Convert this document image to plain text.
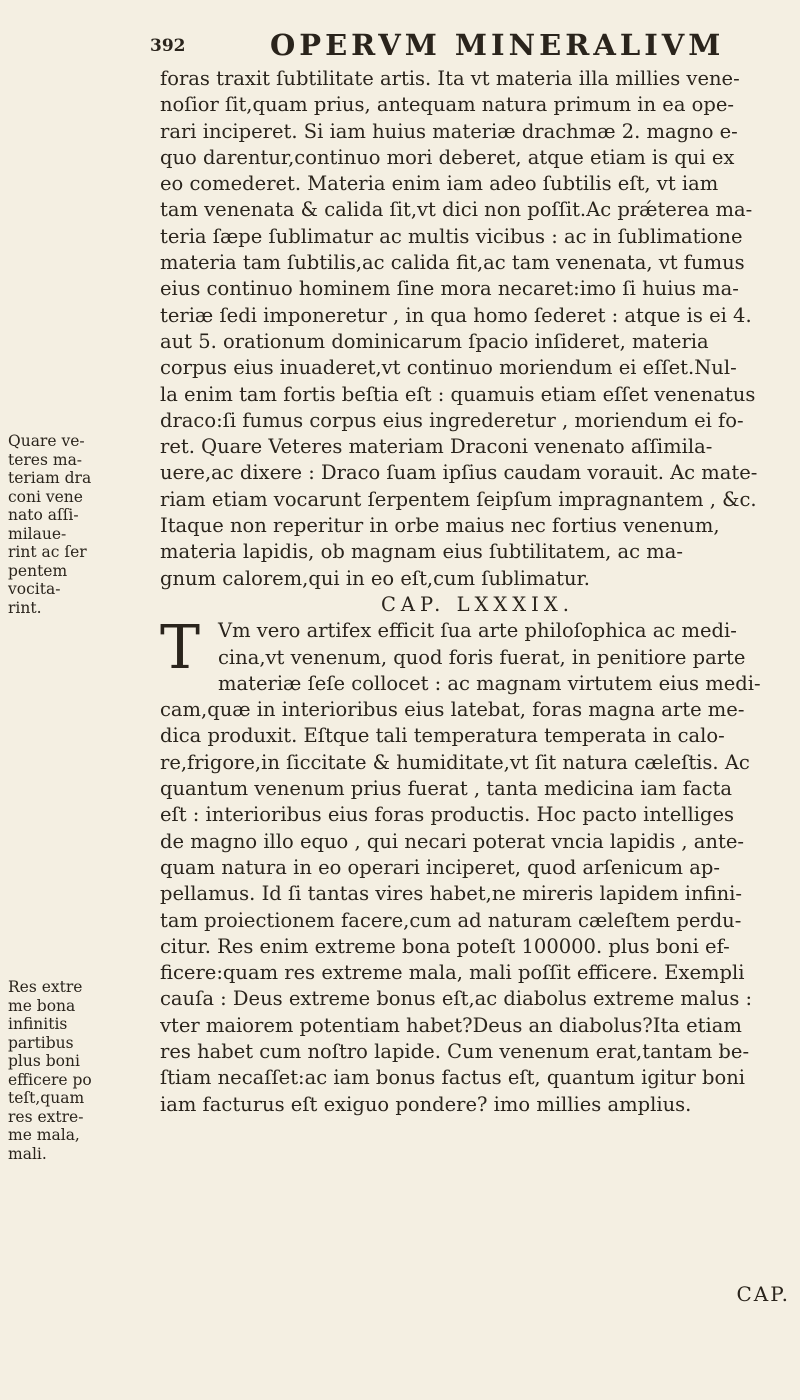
392	OPERVM MINERALIVM
foras traxit ſubtilitate artis. Ita vt materia illa millies vene-
noſior ſit,quam prius, antequam natura primum in ea ope-
rari inciperet. Si iam huius materiæ drachmæ 2. magno e-
quo darentur,continuo mori deberet, atque etiam is qui ex
eo comederet. Materia enim iam adeo ſubtilis eſt, vt iam
tam venenata & calida ſit,vt dici non poſſit.Ac prǽterea ma-
teria ſæpe ſublimatur ac multis vicibus : ac in ſublimatione
materia tam ſubtilis,ac calida fit,ac tam venenata, vt fumus
eius continuo hominem ſine mora necaret:imo ſi huius ma-
teriæ ſedi imponeretur , in qua homo ſederet : atque is ei 4.
aut 5. orationum dominicarum ſpacio inſideret, materia
corpus eius inuaderet,vt continuo moriendum ei eſſet.Nul-
la enim tam fortis beſtia eſt : quamuis etiam eſſet venenatus
draco:ſi fumus corpus eius ingrederetur , moriendum ei fo-
ret. Quare Veteres materiam Draconi venenato aſſimila-
uere,ac dixere : Draco ſuam ipſius caudam vorauit. Ac mate-
riam etiam vocarunt ſerpentem ſeipſum impragnantem , &c.
Itaque non reperitur in orbe maius nec fortius venenum,
materia lapidis, ob magnam eius ſubtilitatem, ac ma-
gnum calorem,qui in eo eſt,cum ſublimatur.
CAP. LXXXIX.
T Vm vero artifex efficit ſua arte philoſophica ac medi-
cina,vt venenum, quod foris fuerat, in penitiore parte
materiæ ſeſe collocet : ac magnam virtutem eius medi-
cam,quæ in interioribus eius latebat, foras magna arte me-
dica produxit. Eſtque tali temperatura temperata in calo-
re,frigore,in ſiccitate & humiditate,vt ſit natura cæleſtis. Ac
quantum venenum prius fuerat , tanta medicina iam facta
eſt : interioribus eius foras productis. Hoc pacto intelliges
de magno illo equo , qui necari poterat vncia lapidis , ante-
quam natura in eo operari inciperet, quod arſenicum ap-
pellamus. Id ſi tantas vires habet,ne mireris lapidem infini-
tam proiectionem facere,cum ad naturam cæleſtem perdu-
citur. Res enim extreme bona poteſt 100000. plus boni ef-
ficere:quam res extreme mala, mali poſſit efficere. Exempli
cauſa : Deus extreme bonus eſt,ac diabolus extreme malus :
vter maiorem potentiam habet?Deus an diabolus?Ita etiam
res habet cum noſtro lapide. Cum venenum erat,tantam be-
ſtiam necaſſet:ac iam bonus factus eſt, quantum igitur boni
iam facturus eſt exiguo pondere? imo millies amplius.
Quare ve-
teres ma-
teriam dra
coni vene
nato aſſi-
milaue-
rint ac ſer
pentem
vocita-
rint.
Res extre
me bona
infinitis
partibus
plus boni
efficere po
teſt,quam
res extre-
me mala,
mali.
CAP.
